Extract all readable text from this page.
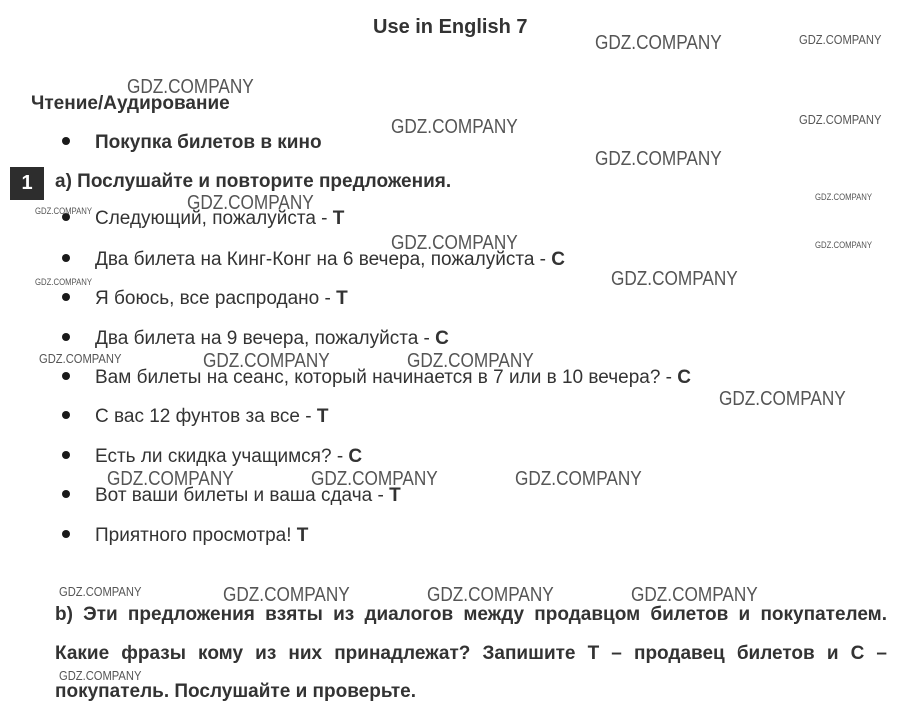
Use in English 7
Чтение/Аудирование
Покупка билетов в кино
1	a) Послушайте и повторите предложения.
Следующий, пожалуйста - T
Два билета на Кинг-Конг на 6 вечера, пожалуйста - C
Я боюсь, все распродано - T
Два билета на 9 вечера, пожалуйста - C
Вам билеты на сеанс, который начинается в 7 или в 10 вечера? - C
С вас 12 фунтов за все - T
Есть ли скидка учащимся? - C
Вот ваши билеты и ваша сдача - T
Приятного просмотра! T
b) Эти предложения взяты из диалогов между продавцом билетов и покупателем. Какие фразы кому из них принадлежат? Запишите T – продавец билетов и C – покупатель. Послушайте и проверьте.
GDZ.COMPANY	GDZ.COMPANY
GDZ.COMPANY
GDZ.COMPANY	GDZ.COMPANY
GDZ.COMPANY
GDZ.COMPANY
GDZ.COMPANY
GDZ.COMPANY
GDZ.COMPANY	GDZ.COMPANY
GDZ.COMPANY
GDZ.COMPANY
GDZ.COMPANY	GDZ.COMPANY	GDZ.COMPANY
GDZ.COMPANY
GDZ.COMPANY	GDZ.COMPANY	GDZ.COMPANY
GDZ.COMPANY	GDZ.COMPANY	GDZ.COMPANY	GDZ.COMPANY
GDZ.COMPANY
